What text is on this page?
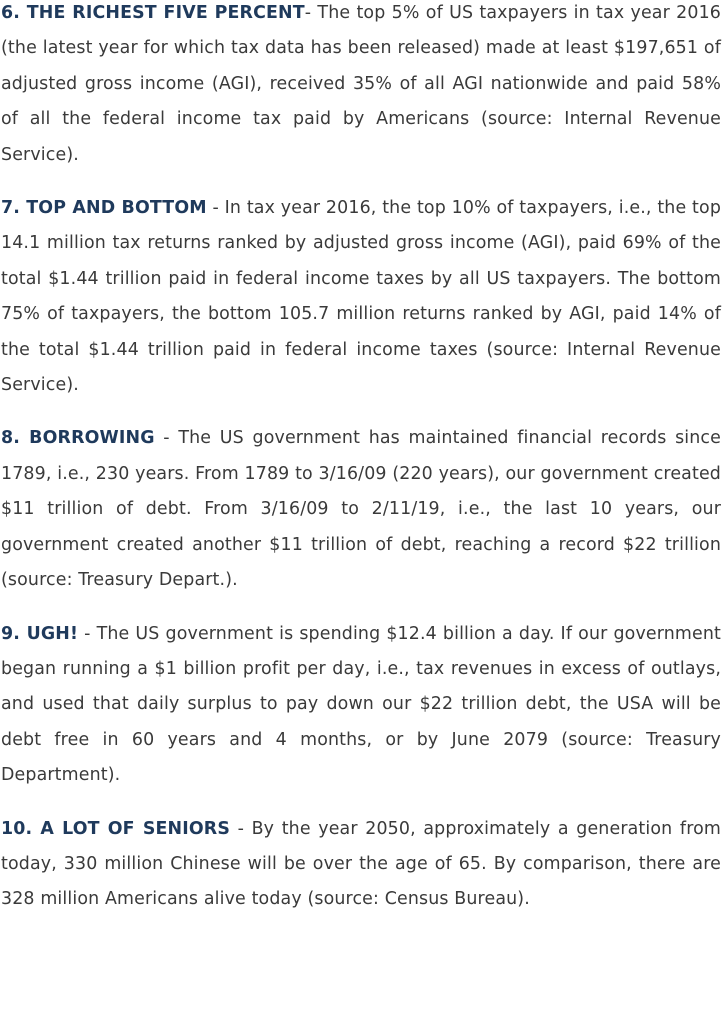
6. THE RICHEST FIVE PERCENT- The top 5% of US taxpayers in tax year 2016 (the latest year for which tax data has been released) made at least $197,651 of adjusted gross income (AGI), received 35% of all AGI nationwide and paid 58% of all the federal income tax paid by Americans (source: Internal Revenue Service).

7. TOP AND BOTTOM - In tax year 2016, the top 10% of taxpayers, i.e., the top 14.1 million tax returns ranked by adjusted gross income (AGI), paid 69% of the total $1.44 trillion paid in federal income taxes by all US taxpayers. The bottom 75% of taxpayers, the bottom 105.7 million returns ranked by AGI, paid 14% of the total $1.44 trillion paid in federal income taxes (source: Internal Revenue Service).

8. BORROWING - The US government has maintained financial records since 1789, i.e., 230 years. From 1789 to 3/16/09 (220 years), our government created $11 trillion of debt. From 3/16/09 to 2/11/19, i.e., the last 10 years, our government created another $11 trillion of debt, reaching a record $22 trillion (source: Treasury Depart.).

9. UGH! - The US government is spending $12.4 billion a day. If our government began running a $1 billion profit per day, i.e., tax revenues in excess of outlays, and used that daily surplus to pay down our $22 trillion debt, the USA will be debt free in 60 years and 4 months, or by June 2079 (source: Treasury Department).

10. A LOT OF SENIORS - By the year 2050, approximately a generation from today, 330 million Chinese will be over the age of 65. By comparison, there are 328 million Americans alive today (source: Census Bureau).
